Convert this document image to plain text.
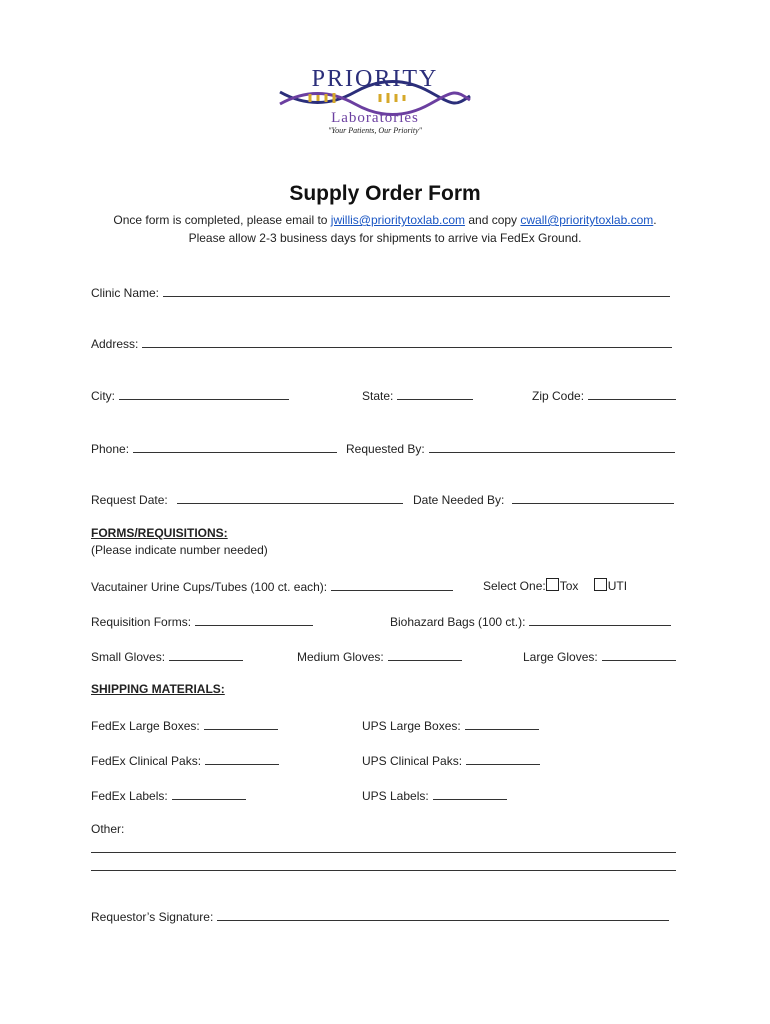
PRIORITY
Laboratories
"Your Patients, Our Priority"
Supply Order Form
Once form is completed, please email to jwillis@prioritytoxlab.com and copy cwall@prioritytoxlab.com.
Please allow 2-3 business days for shipments to arrive via FedEx Ground.
Clinic Name:
Address:
City:	State:	Zip Code:
Phone:	Requested By:
Request Date:	Date Needed By:
FORMS/REQUISITIONS:
(Please indicate number needed)
Vacutainer Urine Cups/Tubes (100 ct. each):	Select One: Tox UTI
Requisition Forms:	Biohazard Bags (100 ct.):
Small Gloves:	Medium Gloves:	Large Gloves:
SHIPPING MATERIALS:
FedEx Large Boxes:	UPS Large Boxes:
FedEx Clinical Paks:	UPS Clinical Paks:
FedEx Labels:	UPS Labels:
Other:
Requestor’s Signature:
